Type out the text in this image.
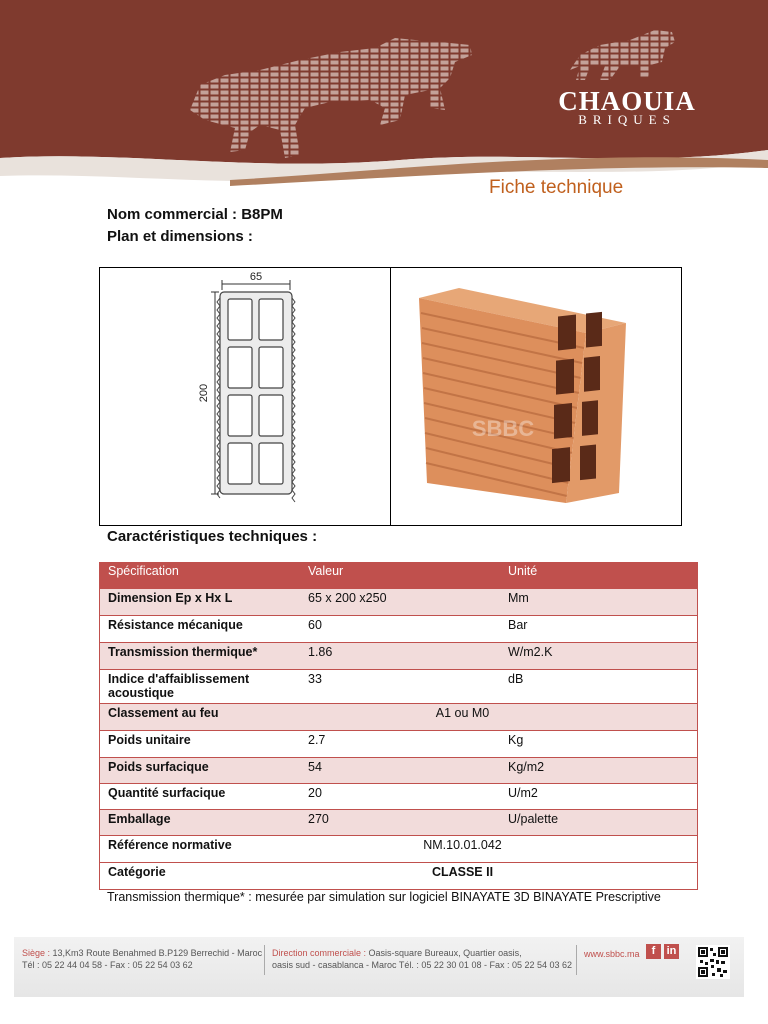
CHAOUIA
BRIQUES
Fiche technique
Nom commercial : B8PM
Plan et dimensions :
65
200
SBBC
Caractéristiques techniques :
Spécification	Valeur	Unité
Dimension Ep x Hx L	65 x 200 x250	Mm
Résistance mécanique	60	Bar
Transmission thermique*	1.86	W/m2.K
Indice d'affaiblissement acoustique	33	dB
Classement au feu	A1 ou M0	
Poids unitaire	2.7	Kg
Poids surfacique	54	Kg/m2
Quantité surfacique	20	U/m2
Emballage	270	U/palette
Référence normative	NM.10.01.042	
Catégorie	CLASSE II	
Transmission thermique* : mesurée par simulation sur logiciel BINAYATE 3D BINAYATE Prescriptive
Siège : 13,Km3 Route Benahmed B.P129 Berrechid - Maroc
Tél : 05 22 44 04 58 - Fax : 05 22 54 03 62
Direction commerciale : Oasis-square Bureaux, Quartier oasis,
oasis sud - casablanca - Maroc Tél. : 05 22 30 01 08 - Fax : 05 22 54 03 62
www.sbbc.ma	f	in
